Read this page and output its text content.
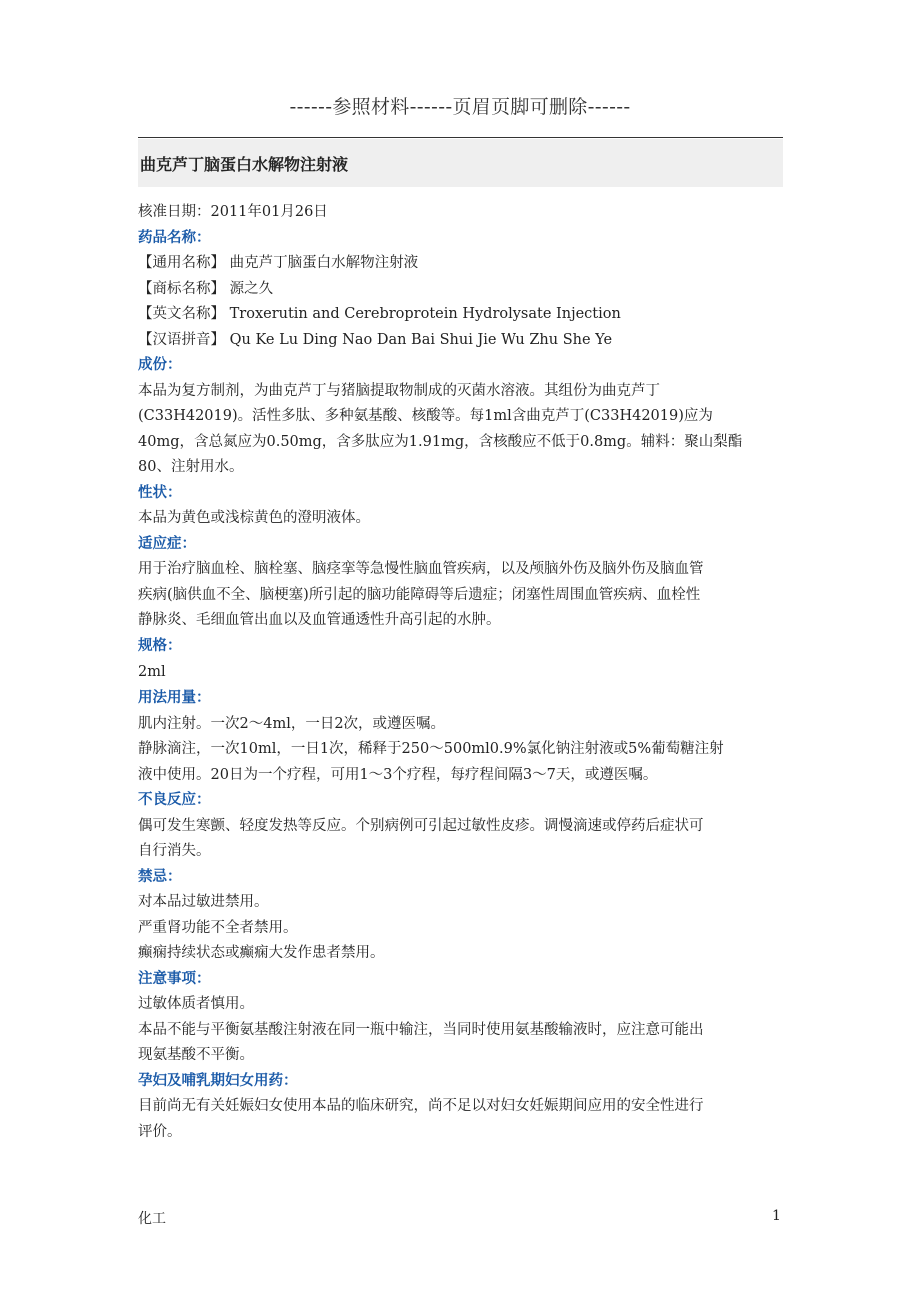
------参照材料------页眉页脚可删除------
曲克芦丁脑蛋白水解物注射液
核准日期：2011年01月26日
药品名称：
【通用名称】 曲克芦丁脑蛋白水解物注射液
【商标名称】 源之久
【英文名称】 Troxerutin and Cerebroprotein Hydrolysate Injection
【汉语拼音】 Qu Ke Lu Ding Nao Dan Bai Shui Jie Wu Zhu She Ye
成份：
本品为复方制剂，为曲克芦丁与猪脑提取物制成的灭菌水溶液。其组份为曲克芦丁
(C33H42019)。活性多肽、多种氨基酸、核酸等。每1ml含曲克芦丁(C33H42019)应为
40mg，含总氮应为0.50mg，含多肽应为1.91mg，含核酸应不低于0.8mg。辅料：聚山梨酯
80、注射用水。
性状：
本品为黄色或浅棕黄色的澄明液体。
适应症：
用于治疗脑血栓、脑栓塞、脑痉挛等急慢性脑血管疾病，以及颅脑外伤及脑外伤及脑血管
疾病(脑供血不全、脑梗塞)所引起的脑功能障碍等后遗症；闭塞性周围血管疾病、血栓性
静脉炎、毛细血管出血以及血管通透性升高引起的水肿。
规格：
2ml
用法用量：
肌内注射。一次2～4ml，一日2次，或遵医嘱。
静脉滴注，一次10ml，一日1次，稀释于250～500ml0.9%氯化钠注射液或5%葡萄糖注射
液中使用。20日为一个疗程，可用1～3个疗程，每疗程间隔3～7天，或遵医嘱。
不良反应：
偶可发生寒颤、轻度发热等反应。个别病例可引起过敏性皮疹。调慢滴速或停药后症状可
自行消失。
禁忌：
对本品过敏进禁用。
严重肾功能不全者禁用。
癫痫持续状态或癫痫大发作患者禁用。
注意事项：
过敏体质者慎用。
本品不能与平衡氨基酸注射液在同一瓶中输注，当同时使用氨基酸输液时，应注意可能出
现氨基酸不平衡。
孕妇及哺乳期妇女用药：
目前尚无有关妊娠妇女使用本品的临床研究，尚不足以对妇女妊娠期间应用的安全性进行
评价。
化工	1
